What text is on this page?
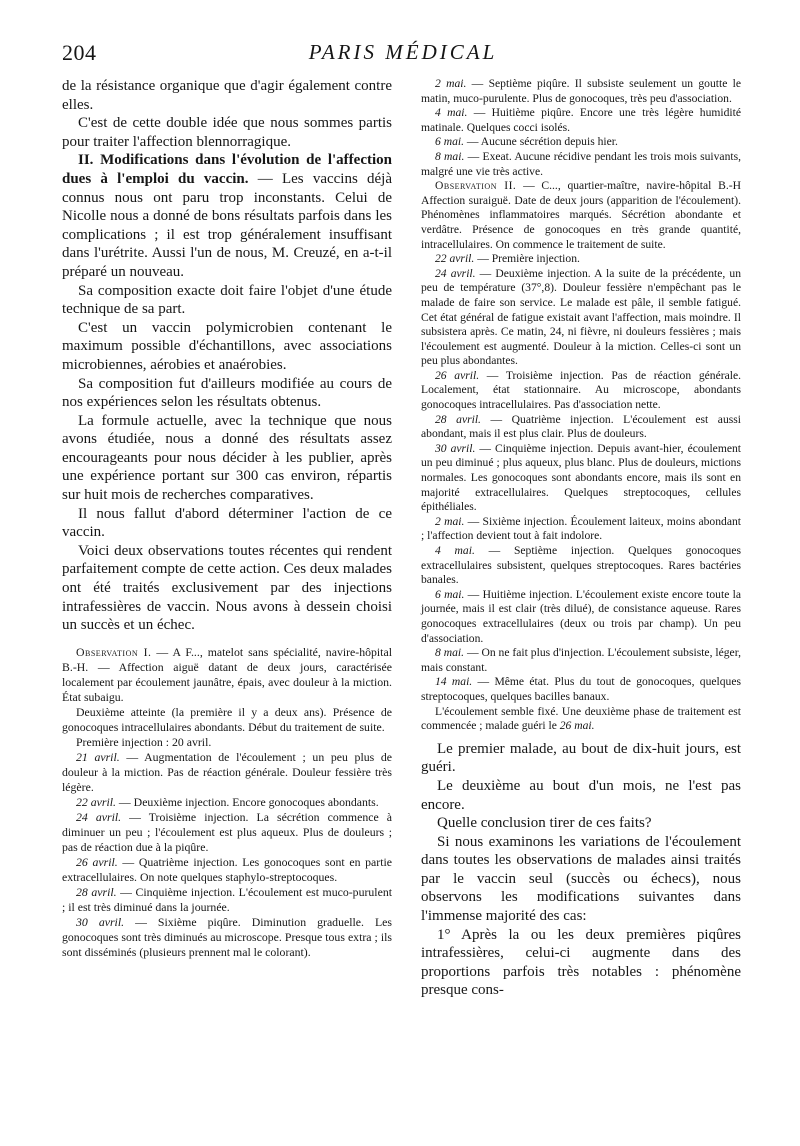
204	PARIS MÉDICAL

de la résistance organique que d'agir également contre elles.

C'est de cette double idée que nous sommes partis pour traiter l'affection blennorragique.

II. Modifications dans l'évolution de l'affection dues à l'emploi du vaccin. — Les vaccins déjà connus nous ont paru trop inconstants. Celui de Nicolle nous a donné de bons résultats parfois dans les complications ; il est trop généralement insuffisant dans l'urétrite. Aussi l'un de nous, M. Creuzé, en a-t-il préparé un nouveau.

Sa composition exacte doit faire l'objet d'une étude technique de sa part.

C'est un vaccin polymicrobien contenant le maximum possible d'échantillons, avec associations microbiennes, aérobies et anaérobies.

Sa composition fut d'ailleurs modifiée au cours de nos expériences selon les résultats obtenus.

La formule actuelle, avec la technique que nous avons étudiée, nous a donné des résultats assez encourageants pour nous décider à les publier, après une expérience portant sur 300 cas environ, répartis sur huit mois de recherches comparatives.

Il nous fallut d'abord déterminer l'action de ce vaccin.

Voici deux observations toutes récentes qui rendent parfaitement compte de cette action. Ces deux malades ont été traités exclusivement par des injections intrafessières de vaccin. Nous avons à dessein choisi un succès et un échec.

Observation I. — A F..., matelot sans spécialité, navire-hôpital B.-H. — Affection aiguë datant de deux jours, caractérisée localement par écoulement jaunâtre, épais, avec douleur à la miction. État subaigu.

Deuxième atteinte (la première il y a deux ans). Présence de gonocoques intracellulaires abondants. Début du traitement de suite.

Première injection : 20 avril.

21 avril. — Augmentation de l'écoulement ; un peu plus de douleur à la miction. Pas de réaction générale. Douleur fessière très légère.

22 avril. — Deuxième injection. Encore gonocoques abondants.

24 avril. — Troisième injection. La sécrétion commence à diminuer un peu ; l'écoulement est plus aqueux. Plus de douleurs ; pas de réaction due à la piqûre.

26 avril. — Quatrième injection. Les gonocoques sont en partie extracellulaires. On note quelques staphylo-streptocoques.

28 avril. — Cinquième injection. L'écoulement est muco-purulent ; il est très diminué dans la journée.

30 avril. — Sixième piqûre. Diminution graduelle. Les gonocoques sont très diminués au microscope. Presque tous extra ; ils sont disséminés (plusieurs prennent mal le colorant).

2 mai. — Septième piqûre. Il subsiste seulement un goutte le matin, muco-purulente. Plus de gonocoques, très peu d'association.

4 mai. — Huitième piqûre. Encore une très légère humidité matinale. Quelques cocci isolés.

6 mai. — Aucune sécrétion depuis hier.

8 mai. — Exeat. Aucune récidive pendant les trois mois suivants, malgré une vie très active.

Observation II. — C..., quartier-maître, navire-hôpital B.-H Affection suraiguë. Date de deux jours (apparition de l'écoulement). Phénomènes inflammatoires marqués. Sécrétion abondante et verdâtre. Présence de gonocoques en très grande quantité, intracellulaires. On commence le traitement de suite.

22 avril. — Première injection.

24 avril. — Deuxième injection. A la suite de la précédente, un peu de température (37°,8). Douleur fessière n'empêchant pas le malade de faire son service. Le malade est pâle, il semble fatigué. Cet état général de fatigue existait avant l'affection, mais moindre. Il subsistera après. Ce matin, 24, ni fièvre, ni douleurs fessières ; mais l'écoulement est augmenté. Douleur à la miction. Celles-ci sont un peu plus abondantes.

26 avril. — Troisième injection. Pas de réaction générale. Localement, état stationnaire. Au microscope, abondants gonocoques intracellulaires. Pas d'association nette.

28 avril. — Quatrième injection. L'écoulement est aussi abondant, mais il est plus clair. Plus de douleurs.

30 avril. — Cinquième injection. Depuis avant-hier, écoulement un peu diminué ; plus aqueux, plus blanc. Plus de douleurs, mictions normales. Les gonocoques sont abondants encore, mais ils sont en majorité extracellulaires. Quelques streptocoques, cellules épithéliales.

2 mai. — Sixième injection. Écoulement laiteux, moins abondant ; l'affection devient tout à fait indolore.

4 mai. — Septième injection. Quelques gonocoques extracellulaires subsistent, quelques streptocoques. Rares bactéries banales.

6 mai. — Huitième injection. L'écoulement existe encore toute la journée, mais il est clair (très dilué), de consistance aqueuse. Rares gonocoques extracellulaires (deux ou trois par champ). Un peu d'association.

8 mai. — On ne fait plus d'injection. L'écoulement subsiste, léger, mais constant.

14 mai. — Même état. Plus du tout de gonocoques, quelques streptocoques, quelques bacilles banaux.

L'écoulement semble fixé. Une deuxième phase de traitement est commencée ; malade guéri le 26 mai.

Le premier malade, au bout de dix-huit jours, est guéri.

Le deuxième au bout d'un mois, ne l'est pas encore.

Quelle conclusion tirer de ces faits?

Si nous examinons les variations de l'écoulement dans toutes les observations de malades ainsi traités par le vaccin seul (succès ou échecs), nous observons les modifications suivantes dans l'immense majorité des cas:

1° Après la ou les deux premières piqûres intrafessières, celui-ci augmente dans des proportions parfois très notables : phénomène presque cons-
